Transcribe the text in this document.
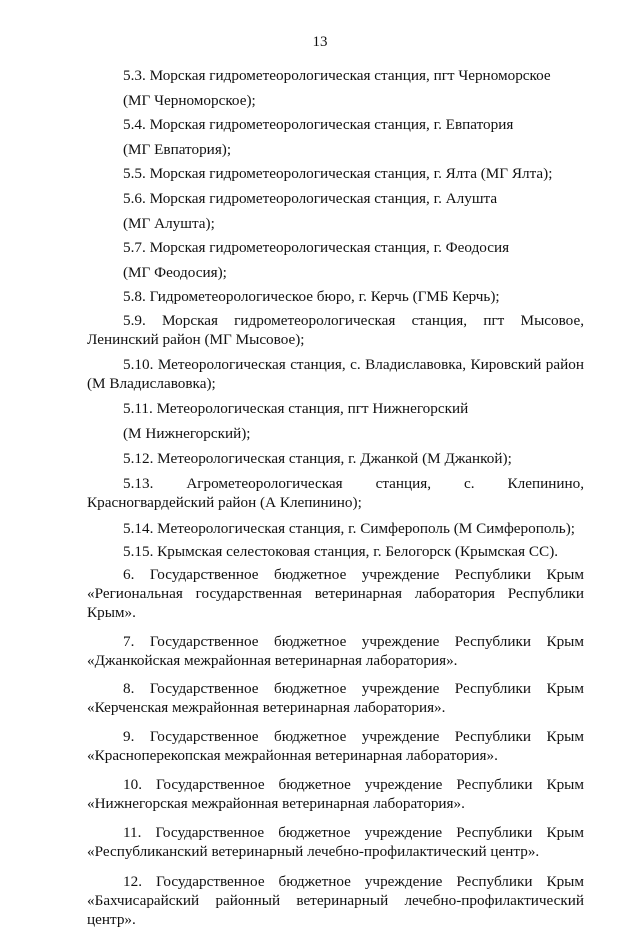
13

5.3. Морская гидрометеорологическая станция, пгт Черноморское

(МГ Черноморское);

5.4. Морская гидрометеорологическая станция, г. Евпатория

(МГ Евпатория);

5.5. Морская гидрометеорологическая станция, г. Ялта (МГ Ялта);

5.6. Морская гидрометеорологическая станция, г. Алушта

(МГ Алушта);

5.7. Морская гидрометеорологическая станция, г. Феодосия

(МГ Феодосия);

5.8. Гидрометеорологическое бюро, г. Керчь (ГМБ Керчь);

5.9. Морская гидрометеорологическая станция, пгт Мысовое, Ленинский район (МГ Мысовое);

5.10. Метеорологическая станция, с. Владиславовка, Кировский район (М Владиславовка);

5.11. Метеорологическая станция, пгт Нижнегорский

(М Нижнегорский);

5.12. Метеорологическая станция, г. Джанкой (М Джанкой);

5.13. Агрометеорологическая станция, с. Клепинино, Красногвардейский район (А Клепинино);

5.14. Метеорологическая станция, г. Симферополь (М Симферополь);

5.15. Крымская селестоковая станция, г. Белогорск (Крымская СС).

6. Государственное бюджетное учреждение Республики Крым «Региональная государственная ветеринарная лаборатория Республики Крым».

7. Государственное бюджетное учреждение Республики Крым «Джанкойская межрайонная ветеринарная лаборатория».

8. Государственное бюджетное учреждение Республики Крым «Керченская межрайонная ветеринарная лаборатория».

9. Государственное бюджетное учреждение Республики Крым «Красноперекопская межрайонная ветеринарная лаборатория».

10. Государственное бюджетное учреждение Республики Крым «Нижнегорская межрайонная ветеринарная лаборатория».

11. Государственное бюджетное учреждение Республики Крым «Республиканский ветеринарный лечебно-профилактический центр».

12. Государственное бюджетное учреждение Республики Крым «Бахчисарайский районный ветеринарный лечебно-профилактический центр».
